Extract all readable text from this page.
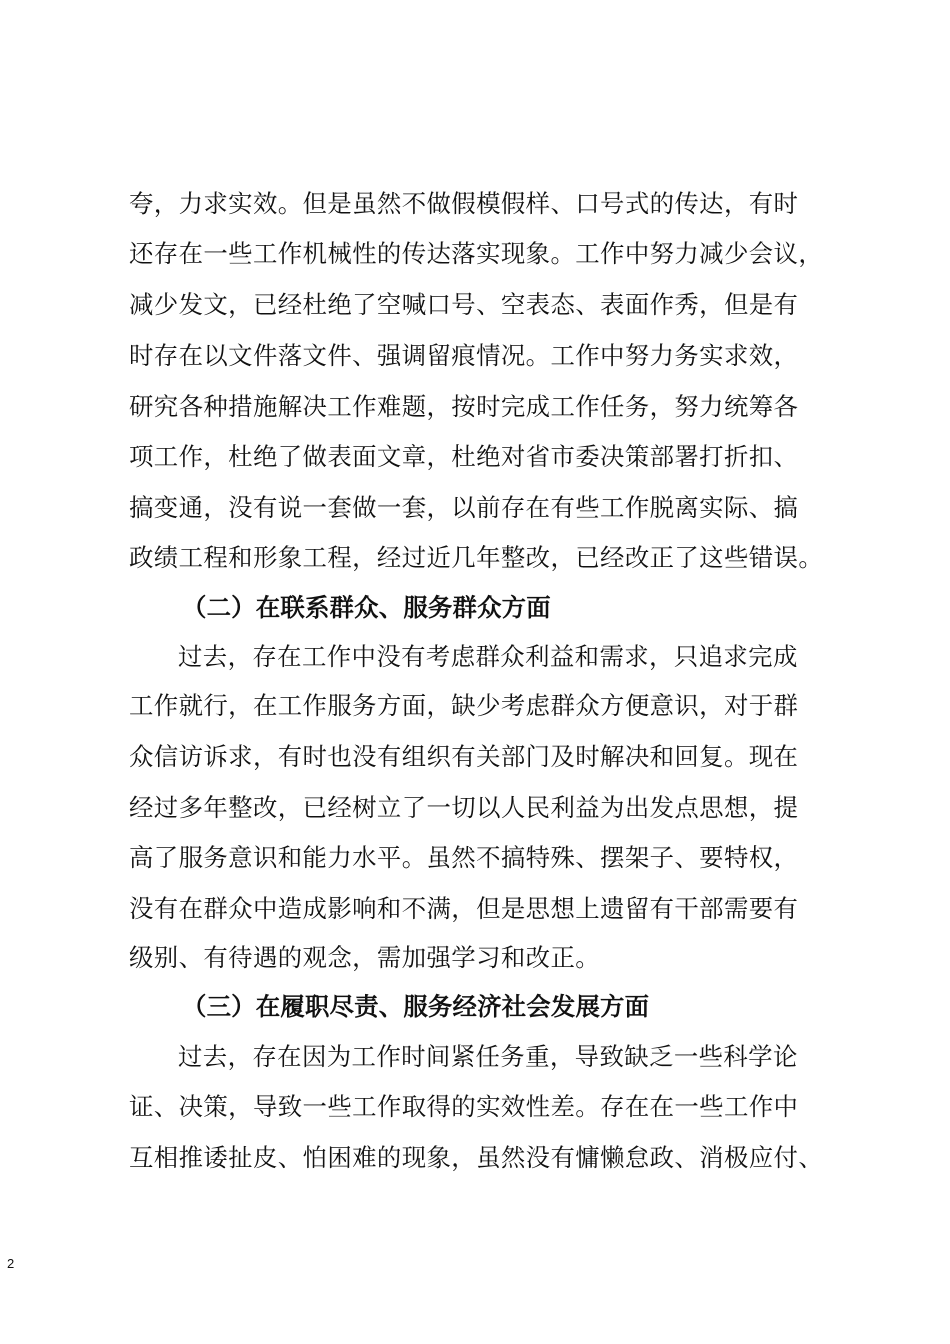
夸，力求实效。但是虽然不做假模假样、口号式的传达，有时
还存在一些工作机械性的传达落实现象。工作中努力减少会议，
减少发文，已经杜绝了空喊口号、空表态、表面作秀，但是有
时存在以文件落文件、强调留痕情况。工作中努力务实求效，
研究各种措施解决工作难题，按时完成工作任务，努力统筹各
项工作，杜绝了做表面文章，杜绝对省市委决策部署打折扣、
搞变通，没有说一套做一套，以前存在有些工作脱离实际、搞
政绩工程和形象工程，经过近几年整改，已经改正了这些错误。
（二）在联系群众、服务群众方面
过去，存在工作中没有考虑群众利益和需求，只追求完成
工作就行，在工作服务方面，缺少考虑群众方便意识，对于群
众信访诉求，有时也没有组织有关部门及时解决和回复。现在
经过多年整改，已经树立了一切以人民利益为出发点思想，提
高了服务意识和能力水平。虽然不搞特殊、摆架子、要特权，
没有在群众中造成影响和不满，但是思想上遗留有干部需要有
级别、有待遇的观念，需加强学习和改正。
（三）在履职尽责、服务经济社会发展方面
过去，存在因为工作时间紧任务重，导致缺乏一些科学论
证、决策，导致一些工作取得的实效性差。存在在一些工作中
互相推诿扯皮、怕困难的现象，虽然没有慵懒怠政、消极应付、
2
